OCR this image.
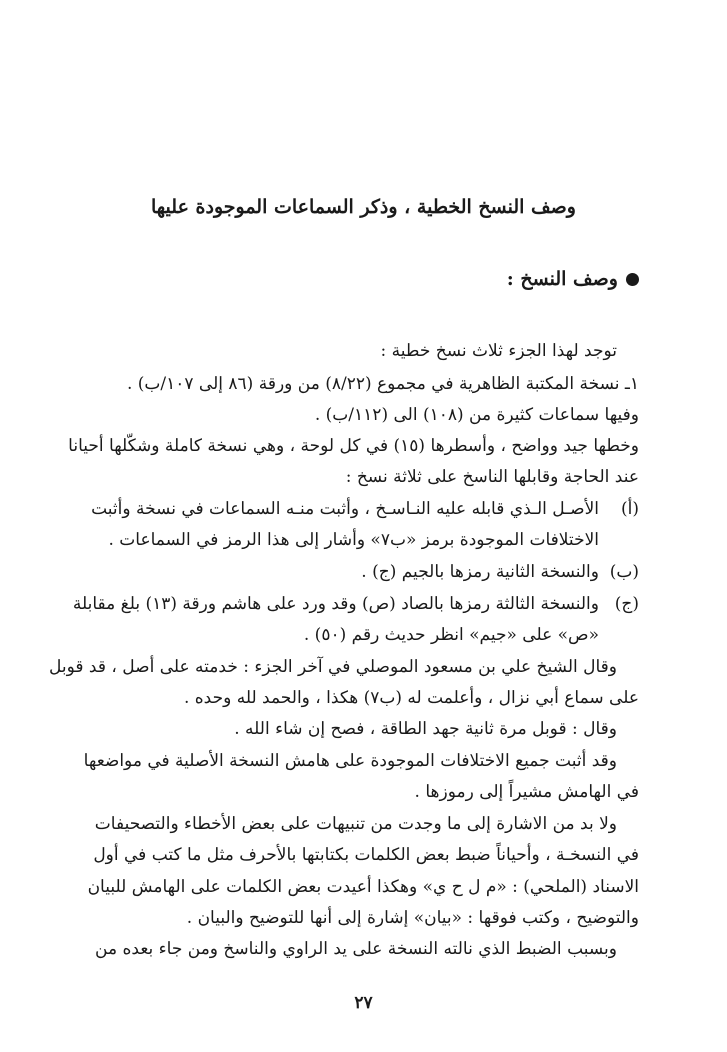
وصف النسخ الخطية ، وذكر السماعات الموجودة عليها
وصف النسخ :
توجد لهذا الجزء ثلاث نسخ خطية :
١ـ نسخة المكتبة الظاهرية في مجموع (٨/٢٢) من ورقة (٨٦ إلى ١٠٧/ب) .
وفيها سماعات كثيرة من (١٠٨) الى (١١٢/ب) .
وخطها جيد وواضح ، وأسطرها (١٥) في كل لوحة ، وهي نسخة كاملة وشكّلها أحيانا
عند الحاجة وقابلها الناسخ على ثلاثة نسخ :
(أ)
الأصـل الـذي قابله عليه النـاسـخ ، وأثبت منـه السماعات في نسخة وأثبت
الاختلافات الموجودة برمز «ب٧» وأشار إلى هذا الرمز في السماعات .
(ب)
والنسخة الثانية رمزها بالجيم (ج) .
(ج)
والنسخة الثالثة رمزها بالصاد (ص) وقد ورد على هاشم ورقة (١٣) بلغ مقابلة
«ص» على «جيم» انظر حديث رقم (٥٠) .
وقال الشيخ علي بن مسعود الموصلي في آخر الجزء : خدمته على أصل ، قد قوبل
على سماع أبي نزال ، وأعلمت له (ب٧) هكذا ، والحمد لله وحده .
وقال : قوبل مرة ثانية جهد الطاقة ، فصح إن شاء الله .
وقد أثبت جميع الاختلافات الموجودة على هامش النسخة الأصلية في مواضعها
في الهامش مشيراً إلى رموزها .
ولا بد من الاشارة إلى ما وجدت من تنبيهات على بعض الأخطاء والتصحيفات
في النسخـة ، وأحياناً ضبط بعض الكلمات بكتابتها بالأحرف مثل ما كتب في أول
الاسناد (الملحي) : «م ل ح ي» وهكذا أعيدت بعض الكلمات على الهامش للبيان
والتوضيح ، وكتب فوقها : «بيان» إشارة إلى أنها للتوضيح والبيان .
وبسبب الضبط الذي نالته النسخة على يد الراوي والناسخ ومن جاء بعده من
٢٧
